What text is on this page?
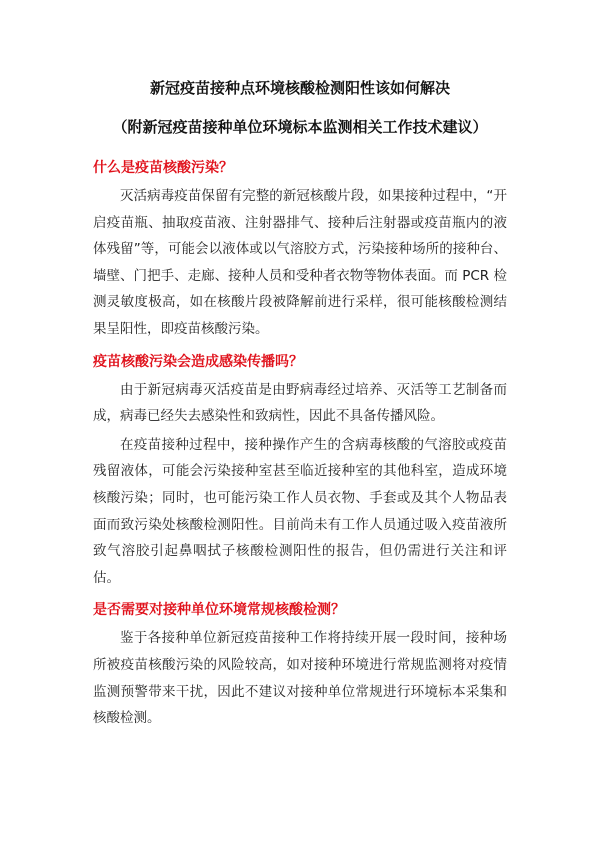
新冠疫苗接种点环境核酸检测阳性该如何解决
（附新冠疫苗接种单位环境标本监测相关工作技术建议）
什么是疫苗核酸污染？

灭活病毒疫苗保留有完整的新冠核酸片段，如果接种过程中，“开启疫苗瓶、抽取疫苗液、注射器排气、接种后注射器或疫苗瓶内的液体残留”等，可能会以液体或以气溶胶方式，污染接种场所的接种台、墙壁、门把手、走廊、接种人员和受种者衣物等物体表面。而 PCR 检测灵敏度极高，如在核酸片段被降解前进行采样，很可能核酸检测结果呈阳性，即疫苗核酸污染。

疫苗核酸污染会造成感染传播吗？

由于新冠病毒灭活疫苗是由野病毒经过培养、灭活等工艺制备而成，病毒已经失去感染性和致病性，因此不具备传播风险。

在疫苗接种过程中，接种操作产生的含病毒核酸的气溶胶或疫苗残留液体，可能会污染接种室甚至临近接种室的其他科室，造成环境核酸污染；同时，也可能污染工作人员衣物、手套或及其个人物品表面而致污染处核酸检测阳性。目前尚未有工作人员通过吸入疫苗液所致气溶胶引起鼻咽拭子核酸检测阳性的报告，但仍需进行关注和评估。

是否需要对接种单位环境常规核酸检测？

鉴于各接种单位新冠疫苗接种工作将持续开展一段时间，接种场所被疫苗核酸污染的风险较高，如对接种环境进行常规监测将对疫情监测预警带来干扰，因此不建议对接种单位常规进行环境标本采集和核酸检测。
